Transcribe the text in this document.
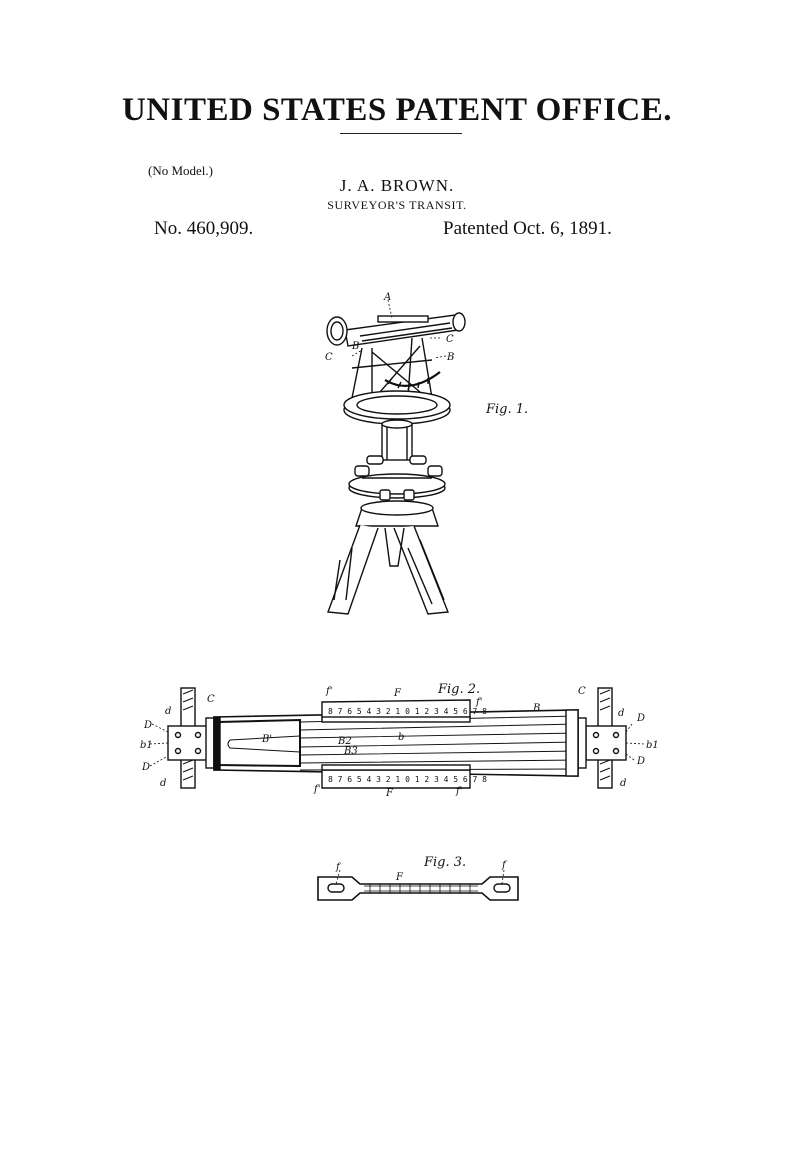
UNITED STATES PATENT OFFICE.
(No Model.)
J. A. BROWN.
SURVEYOR'S TRANSIT.
No. 460,909.	Patented Oct. 6, 1891.
A
C
C
B
B
Fig. 1.
8 7 6 5 4 3 2 1 0 1 2 3 4 5 6 7 8
8 7 6 5 4 3 2 1 0 1 2 3 4 5 6 7 8
Fig. 2.
C
C
F
F
B
B'	B2
B3
b
b1	b1
d
d
d
d
D
D
D
D
f'
f'
f'	f'
Fig. 3.
f	f
F
Witnesses
M. B. Harris
J. C. Wilson
Inventor
James A. Brown
by
Whitman & Wilkinson
Attorneys
